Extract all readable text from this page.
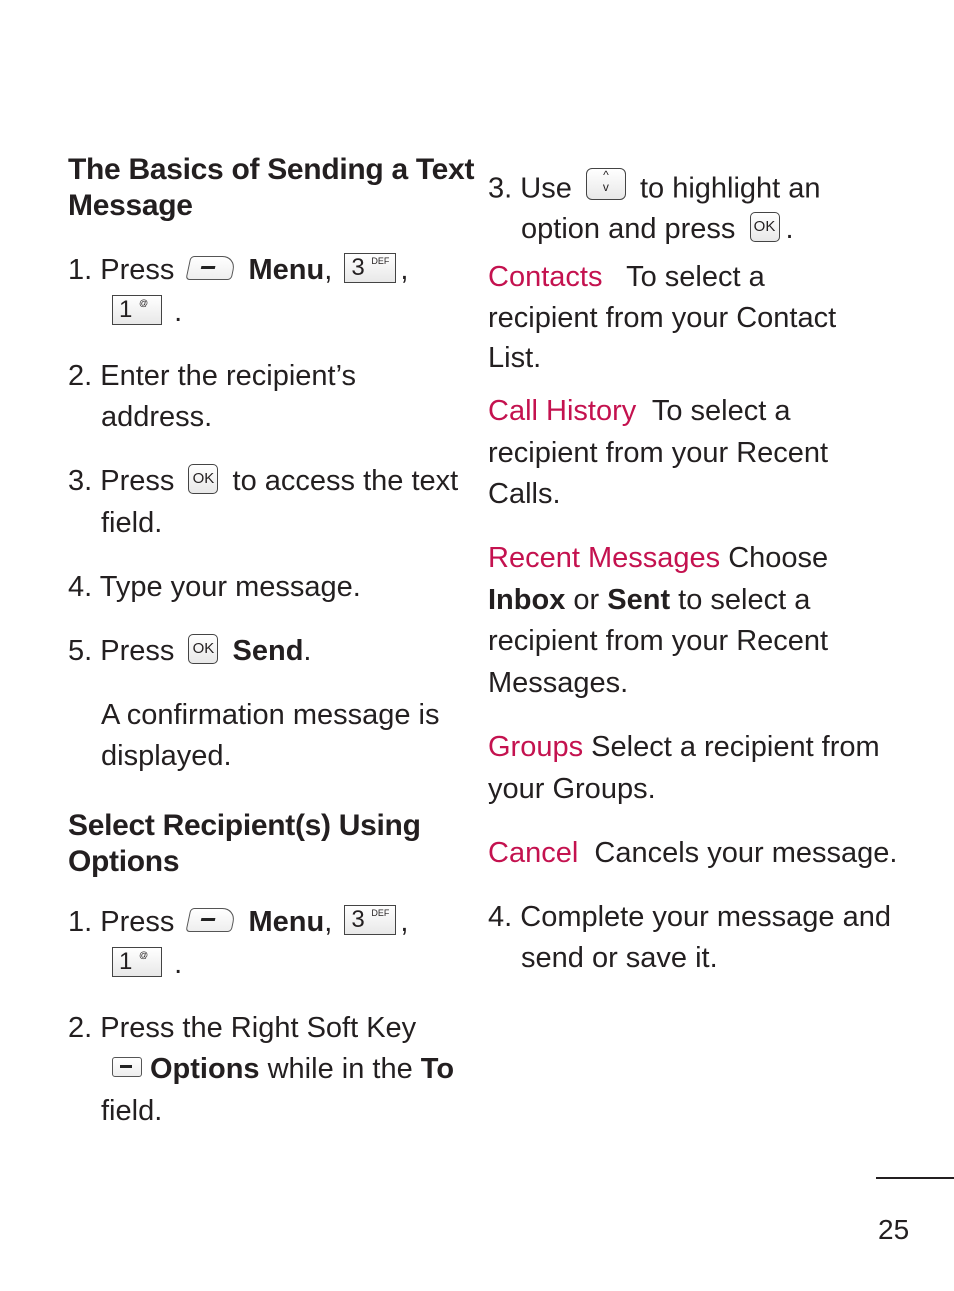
The Basics of Sending a Text
Message
1. Press	Menu, 3 DEF ,
1 @ .
2. Enter the recipient’s
address.
3. Press OK to access the text
field.
4. Type your message.
5. Press OK Send.
A confirmation message is
displayed.
Select Recipient(s) Using
Options
1. Press	Menu, 3 DEF ,
1 @ .
2. Press the Right Soft Key
Options while in the To
field.
3. Use	^
v	to highlight an
option and press OK .
Contacts To select a
recipient from your Contact
List.
Call History To select a
recipient from your Recent
Calls.
Recent Messages Choose
Inbox or Sent to select a
recipient from your Recent
Messages.
Groups Select a recipient from
your Groups.
Cancel Cancels your message.
4. Complete your message and
send or save it.
25
